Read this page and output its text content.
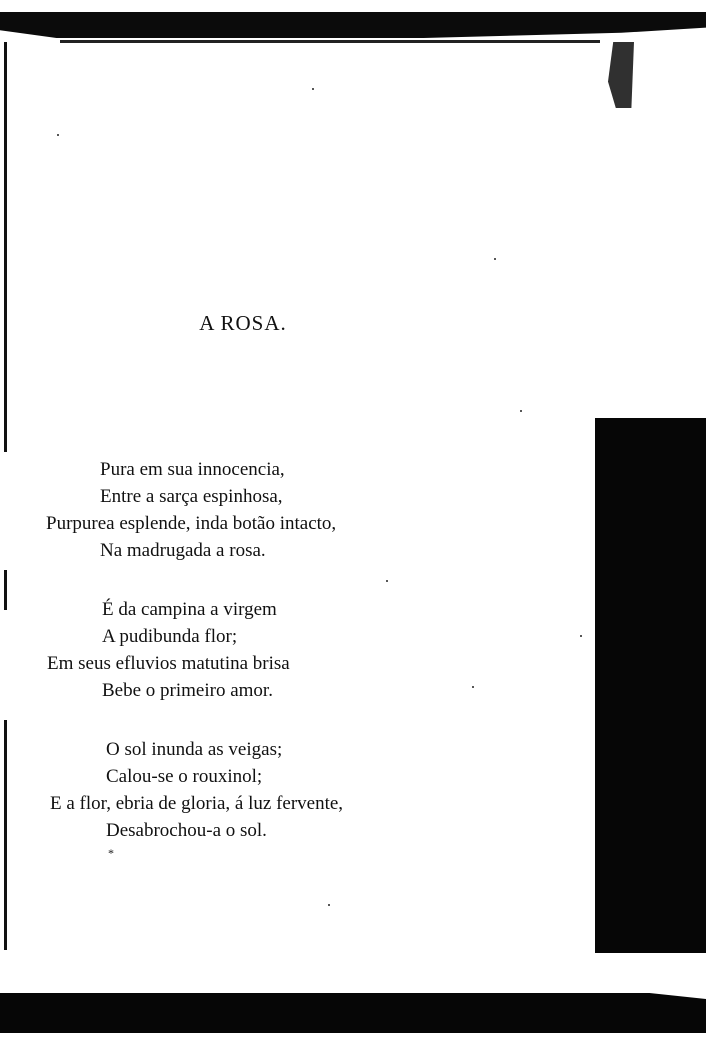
A ROSA.
Pura em sua innocencia,
Entre a sarça espinhosa,
Purpurea esplende, inda botão intacto,
Na madrugada a rosa.
É da campina a virgem
A pudibunda flor;
Em seus efluvios matutina brisa
Bebe o primeiro amor.
O sol inunda as veigas;
Calou-se o rouxinol;
E a flor, ebria de gloria, á luz fervente,
Desabrochou-a o sol.
*
